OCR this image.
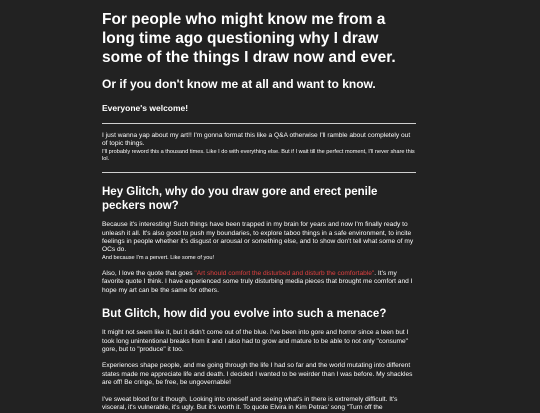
For people who might know me from a long time ago questioning why I draw some of the things I draw now and ever.
Or if you don't know me at all and want to know.
Everyone's welcome!

I just wanna yap about my art!! I'm gonna format this like a Q&A otherwise I'll ramble about completely out of topic things.

I'll probably reword this a thousand times. Like I do with everything else. But if I wait till the perfect moment, I'll never share this lol.

Hey Glitch, why do you draw gore and erect penile peckers now?

Because it's interesting! Such things have been trapped in my brain for years and now I'm finally ready to unleash it all. It's also good to push my boundaries, to explore taboo things in a safe environment, to incite feelings in people whether it's disgust or arousal or something else, and to show don't tell what some of my OCs do.

And because I'm a pervert. Like some of you!

Also, I love the quote that goes "Art should comfort the disturbed and disturb the comfortable". It's my favorite quote I think. I have experienced some truly disturbing media pieces that brought me comfort and I hope my art can be the same for others.

But Glitch, how did you evolve into such a menace?

It might not seem like it, but it didn't come out of the blue. I've been into gore and horror since a teen but I took long unintentional breaks from it and I also had to grow and mature to be able to not only "consume" gore, but to "produce" it too.

Experiences shape people, and me going through the life I had so far and the world mutating into different states made me appreciate life and death. I decided I wanted to be weirder than I was before. My shackles are off! Be cringe, be free, be ungovernable!

I've sweat blood for it though. Looking into oneself and seeing what's in there is extremely difficult. It's visceral, it's vulnerable, it's ugly. But it's worth it. To quote Elvira in Kim Petras' song "Turn off the
